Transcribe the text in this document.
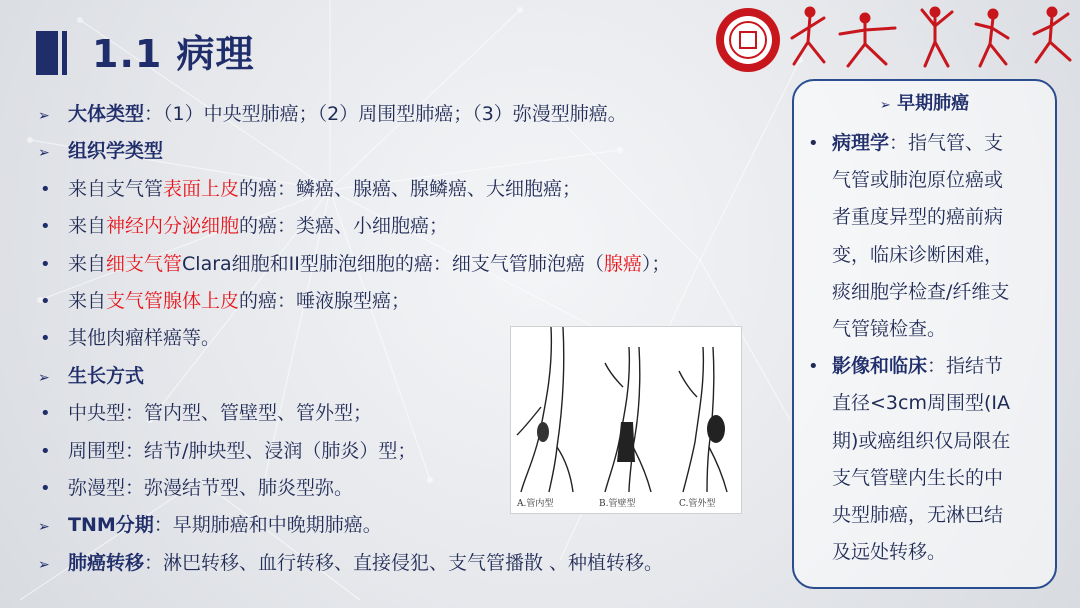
1.1 病理
➢ 大体类型：（1）中央型肺癌；（2）周围型肺癌；（3）弥漫型肺癌。
➢ 组织学类型
• 来自支气管表面上皮的癌：鳞癌、腺癌、腺鳞癌、大细胞癌；
• 来自神经内分泌细胞的癌：类癌、小细胞癌；
• 来自细支气管Clara细胞和II型肺泡细胞的癌：细支气管肺泡癌（腺癌）；
• 来自支气管腺体上皮的癌：唾液腺型癌；
• 其他肉瘤样癌等。
➢ 生长方式
• 中央型：管内型、管壁型、管外型；
• 周围型：结节/肿块型、浸润（肺炎）型；
• 弥漫型：弥漫结节型、肺炎型弥。
➢ TNM分期：早期肺癌和中晚期肺癌。
➢ 肺癌转移：淋巴转移、血行转移、直接侵犯、支气管播散 、种植转移。
A.管内型	B.管壁型	C.管外型
➢ 早期肺癌
• 病理学：指气管、支
气管或肺泡原位癌或
者重度异型的癌前病
变，临床诊断困难，
痰细胞学检查/纤维支
气管镜检查。
• 影像和临床：指结节
直径<3cm周围型(IA
期)或癌组织仅局限在
支气管壁内生长的中
央型肺癌，无淋巴结
及远处转移。
